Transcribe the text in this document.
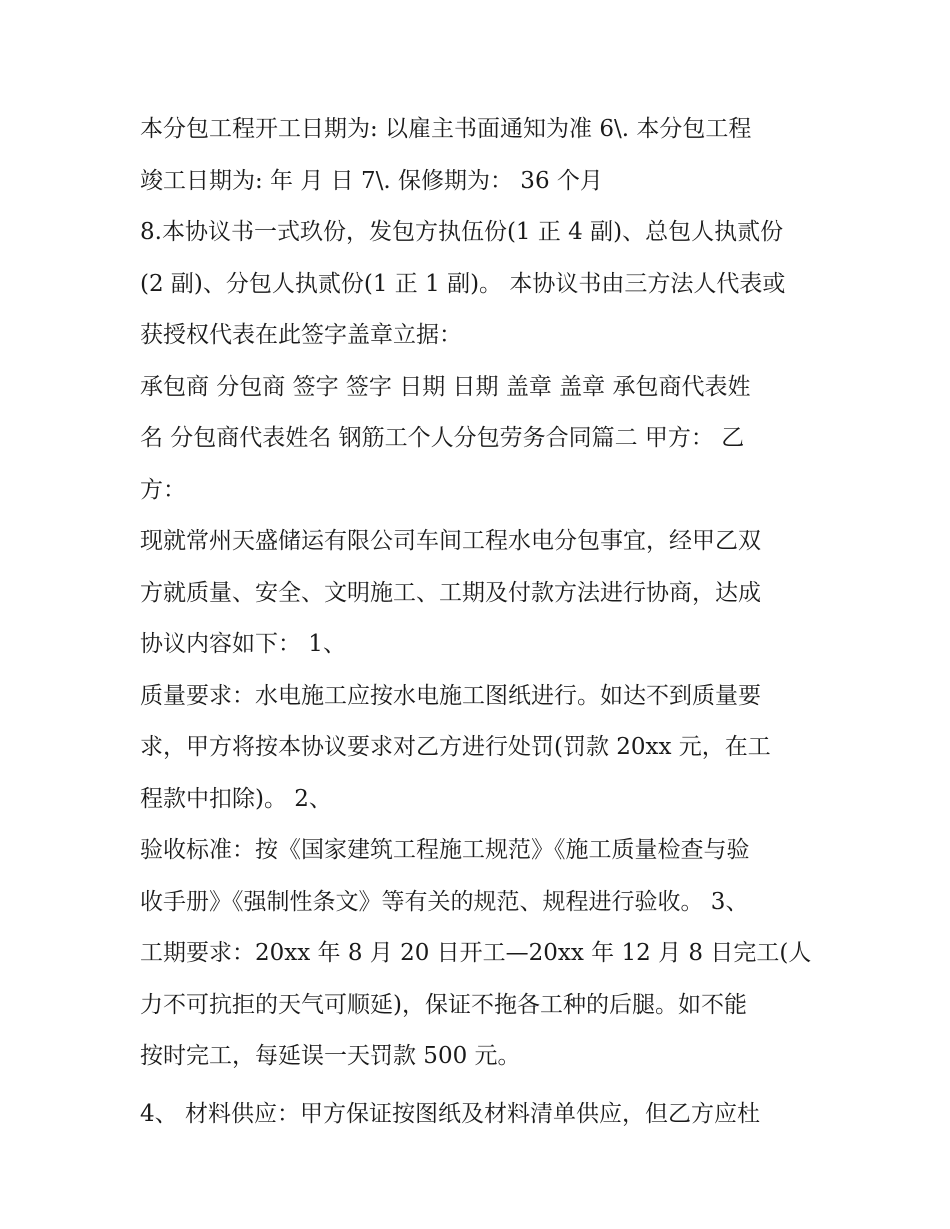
本分包工程开工日期为: 以雇主书面通知为准 6\. 本分包工程
竣工日期为: 年 月 日 7\. 保修期为： 36 个月
8.本协议书一式玖份，发包方执伍份(1 正 4 副)、总包人执贰份
(2 副)、分包人执贰份(1 正 1 副)。 本协议书由三方法人代表或
获授权代表在此签字盖章立据：
承包商 分包商 签字 签字 日期 日期 盖章 盖章 承包商代表姓
名 分包商代表姓名 钢筋工个人分包劳务合同篇二 甲方： 乙
方：
现就常州天盛储运有限公司车间工程水电分包事宜，经甲乙双
方就质量、安全、文明施工、工期及付款方法进行协商，达成
协议内容如下： 1、
质量要求：水电施工应按水电施工图纸进行。如达不到质量要
求，甲方将按本协议要求对乙方进行处罚(罚款 20xx 元，在工
程款中扣除)。 2、
验收标准：按《国家建筑工程施工规范》《施工质量检查与验
收手册》《强制性条文》等有关的规范、规程进行验收。 3、
工期要求：20xx 年 8 月 20 日开工—20xx 年 12 月 8 日完工(人
力不可抗拒的天气可顺延)，保证不拖各工种的后腿。如不能
按时完工，每延误一天罚款 500 元。
4、 材料供应：甲方保证按图纸及材料清单供应，但乙方应杜
